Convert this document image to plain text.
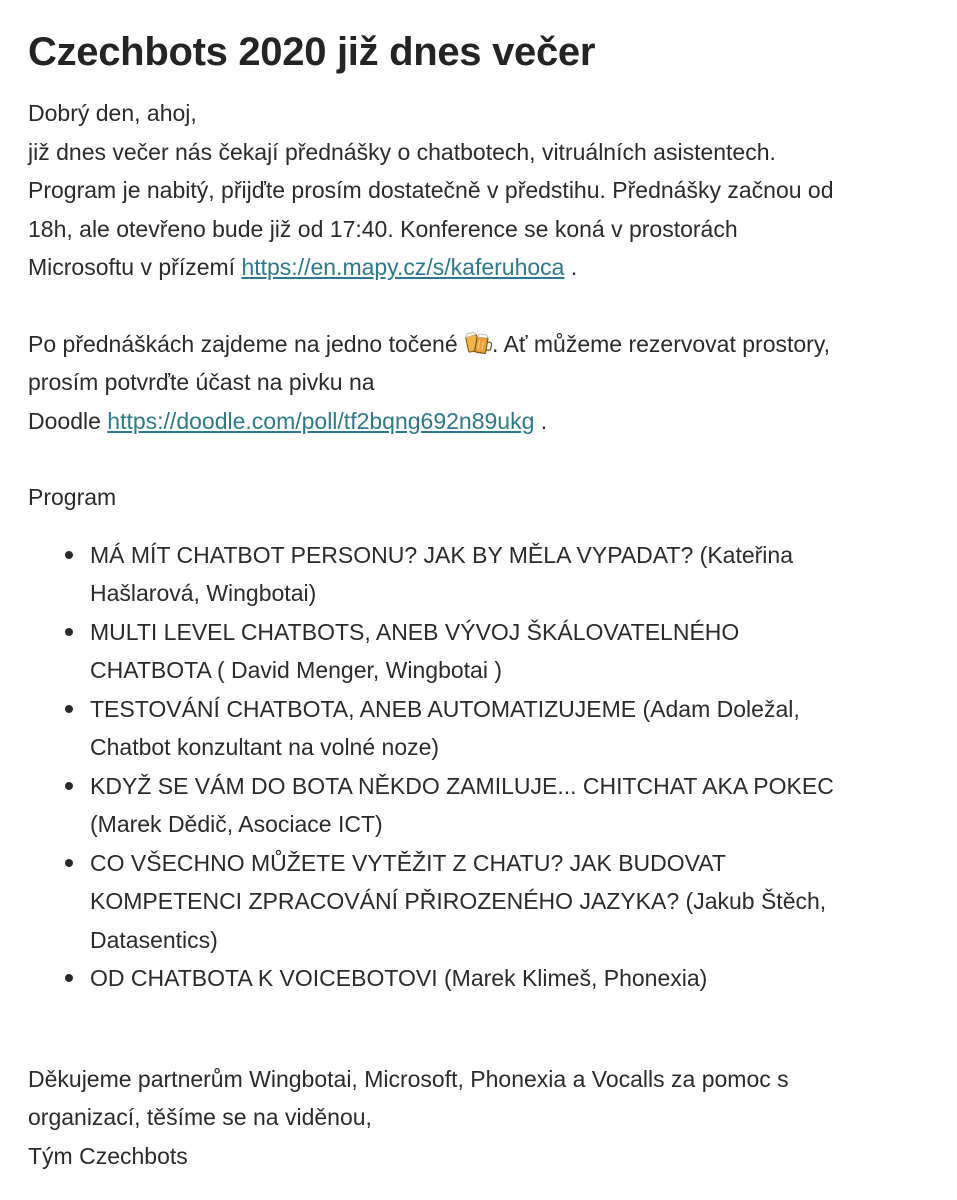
Czechbots 2020 již dnes večer

Dobrý den, ahoj,
již dnes večer nás čekají přednášky o chatbotech, vitruálních asistentech.
Program je nabitý, přijďte prosím dostatečně v předstihu. Přednášky začnou od
18h, ale otevřeno bude již od 17:40. Konference se koná v prostorách
Microsoftu v přízemí https://en.mapy.cz/s/kaferuhoca .

Po přednáškách zajdeme na jedno točené . Ať můžeme rezervovat prostory,
prosím potvrďte účast na pivku na
Doodle https://doodle.com/poll/tf2bqng692n89ukg .

Program

MÁ MÍT CHATBOT PERSONU? JAK BY MĚLA VYPADAT? (Kateřina
Hašlarová, Wingbotai)
MULTI LEVEL CHATBOTS, ANEB VÝVOJ ŠKÁLOVATELNÉHO
CHATBOTA ( David Menger, Wingbotai )
TESTOVÁNÍ CHATBOTA, ANEB AUTOMATIZUJEME (Adam Doležal,
Chatbot konzultant na volné noze)
KDYŽ SE VÁM DO BOTA NĚKDO ZAMILUJE... CHITCHAT AKA POKEC
(Marek Dědič, Asociace ICT)
CO VŠECHNO MŮŽETE VYTĚŽIT Z CHATU? JAK BUDOVAT
KOMPETENCI ZPRACOVÁNÍ PŘIROZENÉHO JAZYKA? (Jakub Štěch,
Datasentics)
OD CHATBOTA K VOICEBOTOVI (Marek Klimeš, Phonexia)

Děkujeme partnerům Wingbotai, Microsoft, Phonexia a Vocalls za pomoc s
organizací, těšíme se na viděnou,
Tým Czechbots
